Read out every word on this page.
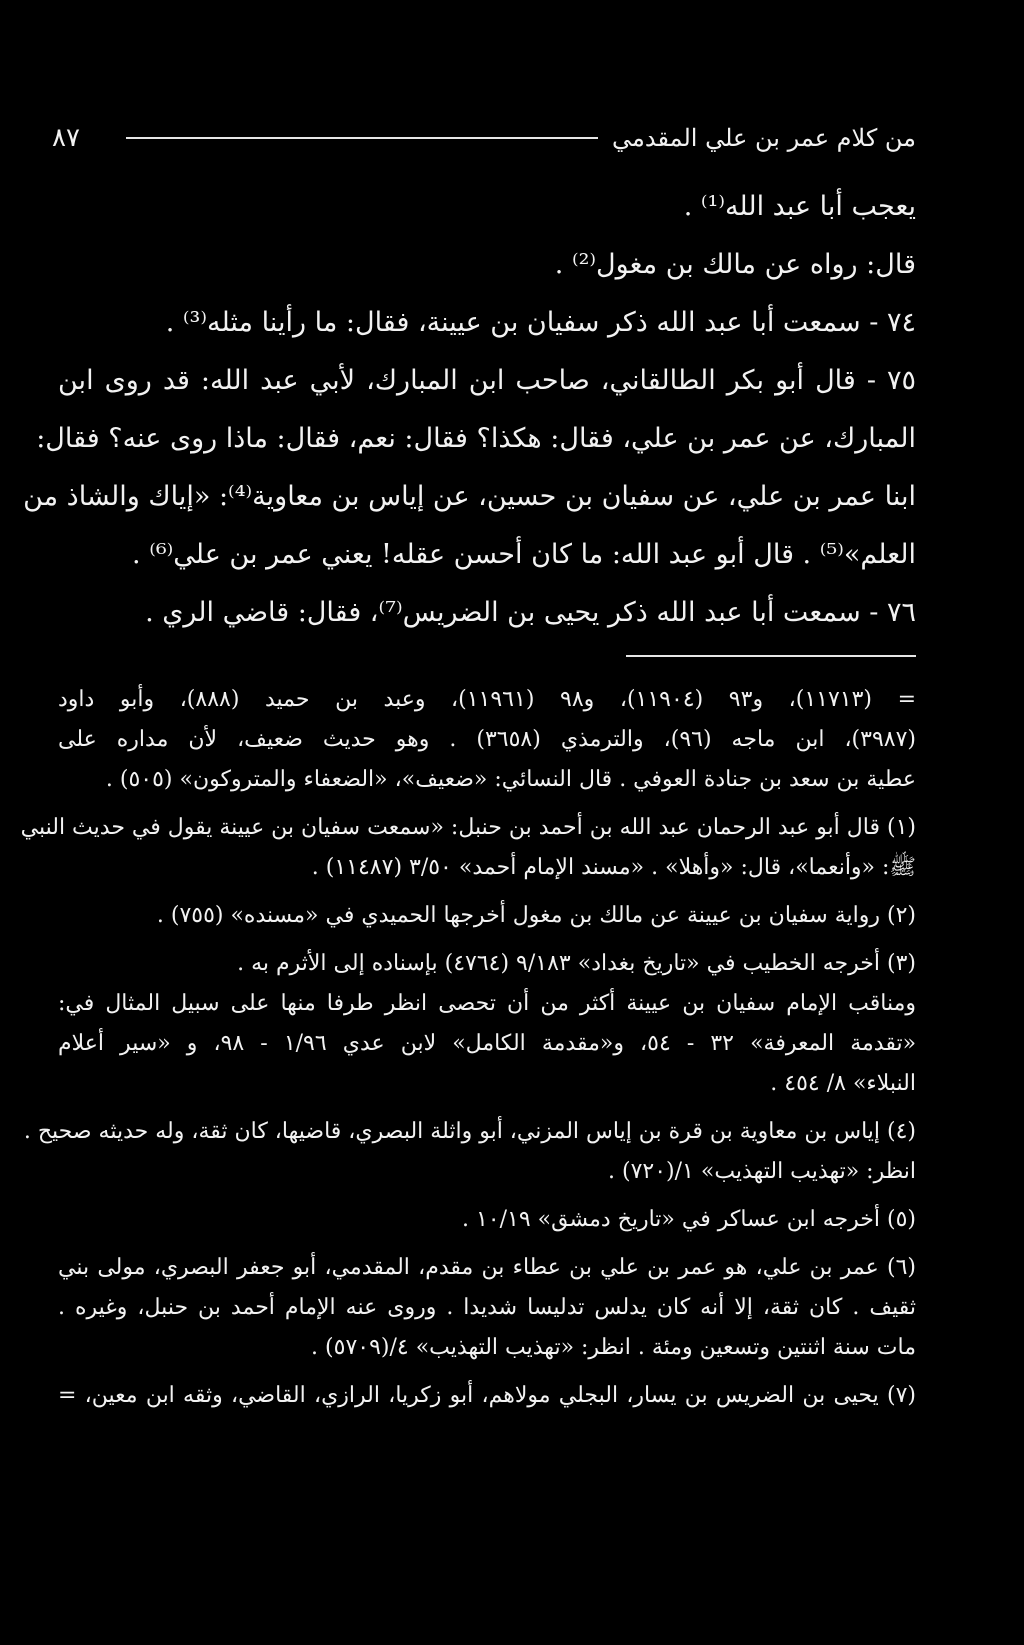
٨٧	من كلام عمر بن علي المقدمي
يعجب أبا عبد الله⁽¹⁾ .
قال: رواه عن مالك بن مغول⁽²⁾ .
٧٤ - سمعت أبا عبد الله ذكر سفيان بن عيينة، فقال: ما رأينا مثله⁽³⁾ .
٧٥ - قال أبو بكر الطالقاني، صاحب ابن المبارك، لأبي عبد الله: قد روى ابن
المبارك، عن عمر بن علي، فقال: هكذا؟ فقال: نعم، فقال: ماذا روى عنه؟ فقال:
ابنا عمر بن علي، عن سفيان بن حسين، عن إياس بن معاوية⁽⁴⁾: «إياك والشاذ من
العلم»⁽⁵⁾ . قال أبو عبد الله: ما كان أحسن عقله! يعني عمر بن علي⁽⁶⁾ .
٧٦ - سمعت أبا عبد الله ذكر يحيى بن الضريس⁽⁷⁾، فقال: قاضي الري .
= (١١٧١٣)، و٩٣ (١١٩٠٤)، و٩٨ (١١٩٦١)، وعبد بن حميد (٨٨٨)، وأبو داود
(٣٩٨٧)، ابن ماجه (٩٦)، والترمذي (٣٦٥٨) . وهو حديث ضعيف، لأن مداره على
عطية بن سعد بن جنادة العوفي . قال النسائي: «ضعيف»، «الضعفاء والمتروكون» (٥٠٥) .
(١) قال أبو عبد الرحمان عبد الله بن أحمد بن حنبل: «سمعت سفيان بن عيينة يقول في حديث النبي
ﷺ: «وأنعما»، قال: «وأهلا» . «مسند الإمام أحمد» ٣/٥٠ (١١٤٨٧) .
(٢) رواية سفيان بن عيينة عن مالك بن مغول أخرجها الحميدي في «مسنده» (٧٥٥) .
(٣) أخرجه الخطيب في «تاريخ بغداد» ٩/١٨٣ (٤٧٦٤) بإسناده إلى الأثرم به .
ومناقب الإمام سفيان بن عيينة أكثر من أن تحصى انظر طرفا منها على سبيل المثال في:
«تقدمة المعرفة» ٣٢ - ٥٤، و«مقدمة الكامل» لابن عدي ١/٩٦ - ٩٨، و «سير أعلام
النبلاء» ٨/ ٤٥٤ .
(٤) إياس بن معاوية بن قرة بن إياس المزني، أبو واثلة البصري، قاضيها، كان ثقة، وله حديثه صحيح .
انظر: «تهذيب التهذيب» ١/(٧٢٠) .
(٥) أخرجه ابن عساكر في «تاريخ دمشق» ١٠/١٩ .
(٦) عمر بن علي، هو عمر بن علي بن عطاء بن مقدم، المقدمي، أبو جعفر البصري، مولى بني
ثقيف . كان ثقة، إلا أنه كان يدلس تدليسا شديدا . وروى عنه الإمام أحمد بن حنبل، وغيره .
مات سنة اثنتين وتسعين ومئة . انظر: «تهذيب التهذيب» ٤/(٥٧٠٩) .
(٧) يحيى بن الضريس بن يسار، البجلي مولاهم، أبو زكريا، الرازي، القاضي، وثقه ابن معين، =
